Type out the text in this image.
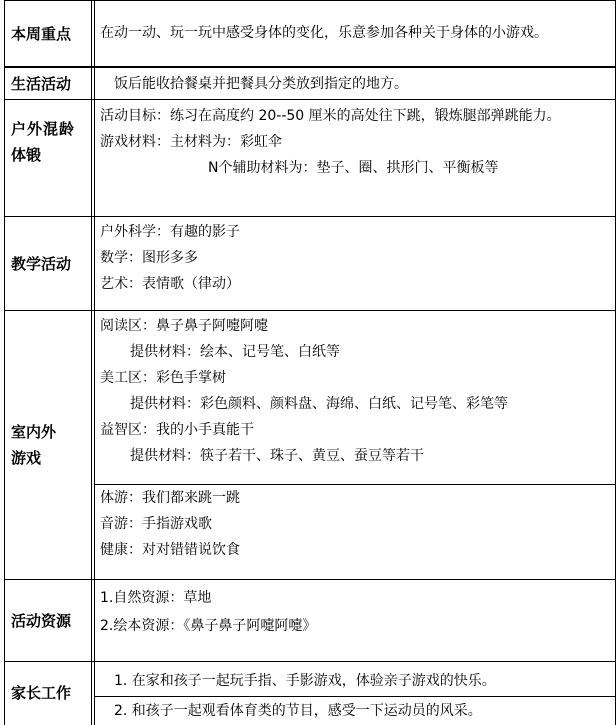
本周重点 在动一动、玩一玩中感受身体的变化，乐意参加各种关于身体的小游戏。
生活活动	饭后能收拾餐桌并把餐具分类放到指定的地方。
户外混龄
体锻
活动目标：练习在高度约 20--50 厘米的高处往下跳，锻炼腿部弹跳能力。
游戏材料：主材料为：彩虹伞
N个辅助材料为：垫子、圈、拱形门、平衡板等
教学活动
户外科学：有趣的影子
数学：图形多多
艺术：表情歌（律动）
室内外
游戏
阅读区：鼻子鼻子阿嚏阿嚏
提供材料：绘本、记号笔、白纸等
美工区：彩色手掌树
提供材料：彩色颜料、颜料盘、海绵、白纸、记号笔、彩笔等
益智区：我的小手真能干
提供材料：筷子若干、珠子、黄豆、蚕豆等若干
体游：我们都来跳一跳
音游：手指游戏歌
健康：对对错错说饮食
活动资源
1.自然资源：草地
2.绘本资源：《鼻子鼻子阿嚏阿嚏》
家长工作
1. 在家和孩子一起玩手指、手影游戏，体验亲子游戏的快乐。
2. 和孩子一起观看体育类的节目，感受一下运动员的风采。
